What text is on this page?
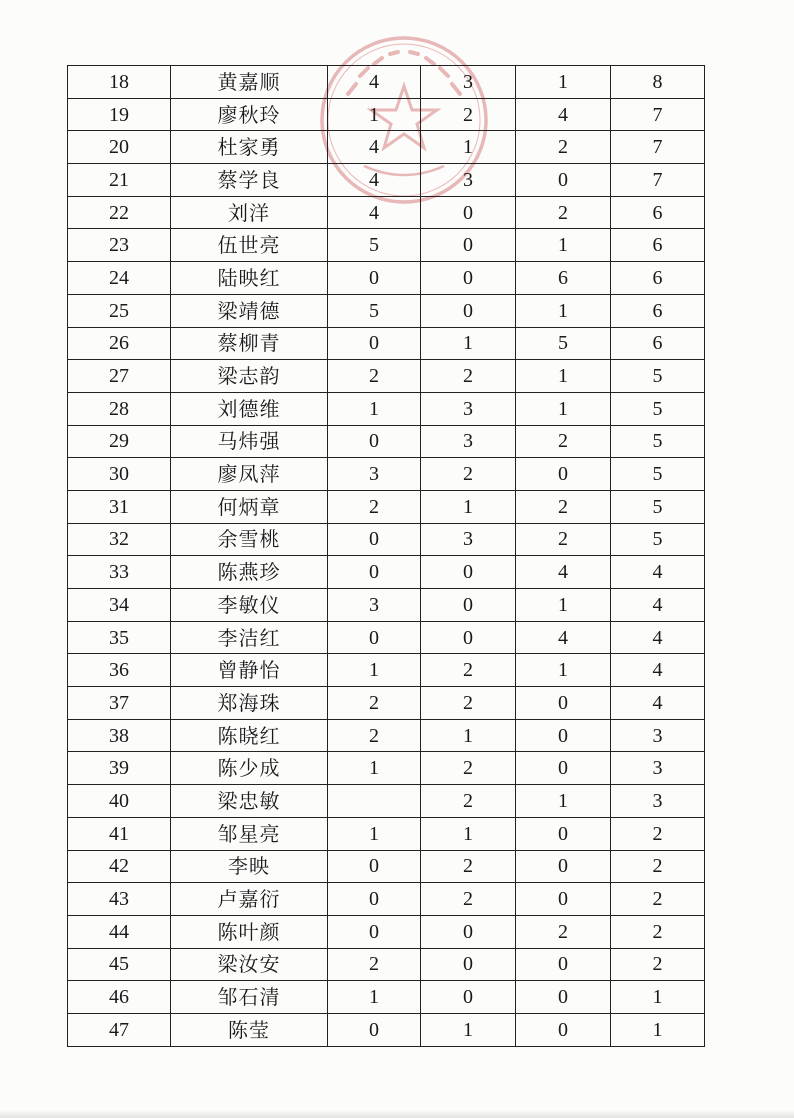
18	黄嘉顺	4	3	1	8
19	廖秋玲	1	2	4	7
20	杜家勇	4	1	2	7
21	蔡学良	4	3	0	7
22	刘洋	4	0	2	6
23	伍世亮	5	0	1	6
24	陆映红	0	0	6	6
25	梁靖德	5	0	1	6
26	蔡柳青	0	1	5	6
27	梁志韵	2	2	1	5
28	刘德维	1	3	1	5
29	马炜强	0	3	2	5
30	廖凤萍	3	2	0	5
31	何炳章	2	1	2	5
32	余雪桃	0	3	2	5
33	陈燕珍	0	0	4	4
34	李敏仪	3	0	1	4
35	李洁红	0	0	4	4
36	曾静怡	1	2	1	4
37	郑海珠	2	2	0	4
38	陈晓红	2	1	0	3
39	陈少成	1	2	0	3
40	梁忠敏		2	1	3
41	邹星亮	1	1	0	2
42	李映	0	2	0	2
43	卢嘉衍	0	2	0	2
44	陈叶颜	0	0	2	2
45	梁汝安	2	0	0	2
46	邹石清	1	0	0	1
47	陈莹	0	1	0	1
